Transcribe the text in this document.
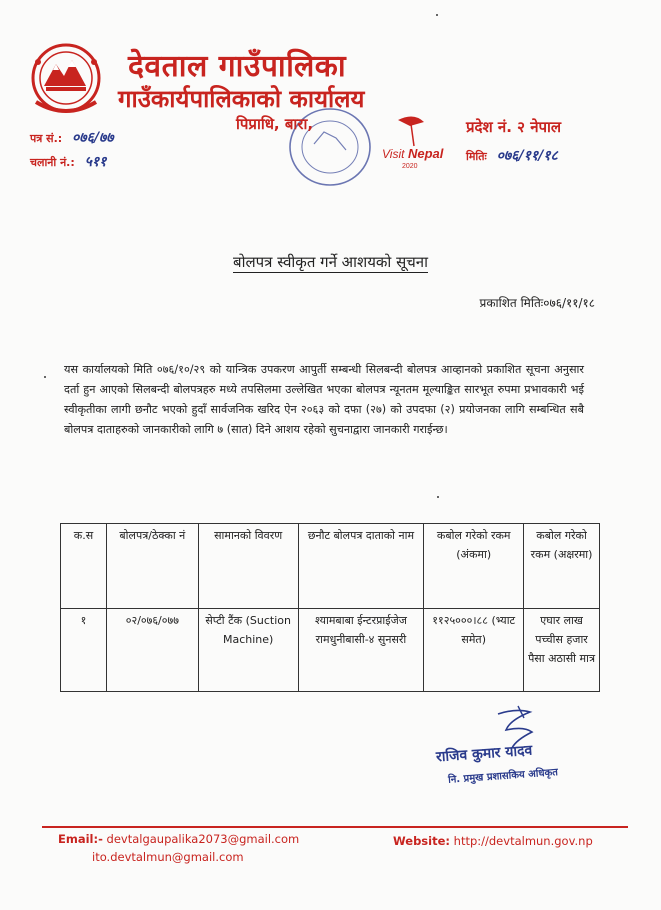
देवताल गाउँपालिका
गाउँकार्यपालिकाको कार्यालय
पिप्राधि, बारा,
Visit Nepal
2020
प्रदेश नं. २ नेपाल
पत्र सं.: ०७६/७७
चलानी नं.: ५११	मितिः ०७६/११/१८
बोलपत्र स्वीकृत गर्ने आशयको सूचना
प्रकाशित मितिः०७६/११/१८
यस कार्यालयको मिति ०७६/१०/२९ को यान्त्रिक उपकरण आपुर्ती सम्बन्धी सिलबन्दी बोलपत्र आव्हानको प्रकाशित सूचना अनुसार दर्ता हुन आएको सिलबन्दी बोलपत्रहरु मध्ये तपसिलमा उल्लेखित भएका बोलपत्र न्यूनतम मूल्याङ्कित सारभूत रुपमा प्रभावकारी भई स्वीकृतीका लागी छनौट भएको हुदाँ सार्वजनिक खरिद ऐन २०६३ को दफा (२७) को उपदफा (२) प्रयोजनका लागि सम्बन्धित सबै बोलपत्र दाताहरुको जानकारीको लागि ७ (सात) दिने आशय रहेको सुचनाद्वारा जानकारी गराईन्छ।
क.स	बोलपत्र/ठेक्का नं	सामानको विवरण	छनौट बोलपत्र दाताको नाम	कबोल गरेको रकम (अंकमा)	कबोल गरेको रकम (अक्षरमा)
१	०२/०७६/०७७	सेप्टी टैंक (Suction Machine)	श्यामबाबा ईन्टरप्राईजेज रामधुनीबासी-४ सुनसरी	११२५०००।८८ (भ्याट समेत)	एघार लाख पच्चीस हजार पैसा अठासी मात्र
राजिव कुमार यादव
नि. प्रमुख प्रशासकिय अधिकृत
Email:- devtalgaupalika2073@gmail.com
ito.devtalmun@gmail.com
Website: http://devtalmun.gov.np
